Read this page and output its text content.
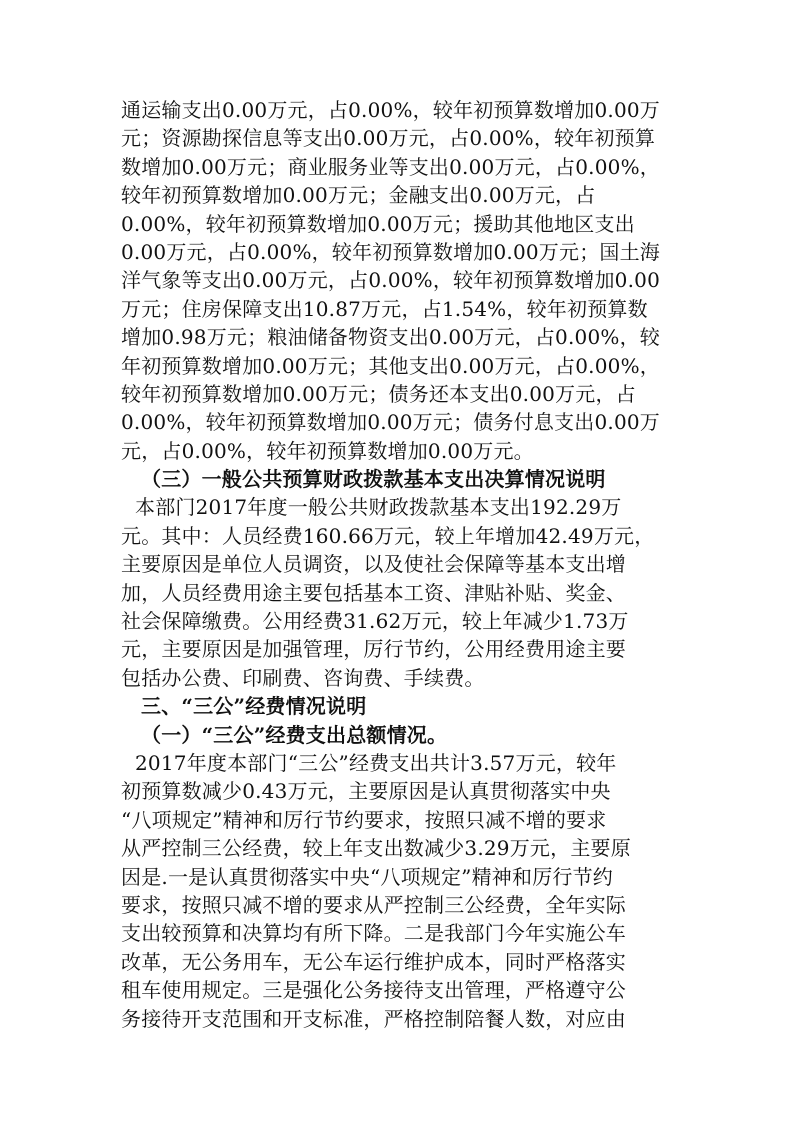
通运输支出0.00万元，占0.00%，较年初预算数增加0.00万
元；资源勘探信息等支出0.00万元，占0.00%，较年初预算
数增加0.00万元；商业服务业等支出0.00万元，占0.00%，
较年初预算数增加0.00万元；金融支出0.00万元，占
0.00%，较年初预算数增加0.00万元；援助其他地区支出
0.00万元，占0.00%，较年初预算数增加0.00万元；国土海
洋气象等支出0.00万元，占0.00%，较年初预算数增加0.00
万元；住房保障支出10.87万元，占1.54%，较年初预算数
增加0.98万元；粮油储备物资支出0.00万元，占0.00%，较
年初预算数增加0.00万元；其他支出0.00万元，占0.00%，
较年初预算数增加0.00万元；债务还本支出0.00万元，占
0.00%，较年初预算数增加0.00万元；债务付息支出0.00万
元，占0.00%，较年初预算数增加0.00万元。
（三）一般公共预算财政拨款基本支出决算情况说明
本部门2017年度一般公共财政拨款基本支出192.29万
元。其中：人员经费160.66万元，较上年增加42.49万元，
主要原因是单位人员调资，以及使社会保障等基本支出增
加，人员经费用途主要包括基本工资、津贴补贴、奖金、
社会保障缴费。公用经费31.62万元，较上年减少1.73万
元，主要原因是加强管理，厉行节约，公用经费用途主要
包括办公费、印刷费、咨询费、手续费。
三、“三公”经费情况说明
（一）“三公”经费支出总额情况。
2017年度本部门“三公”经费支出共计3.57万元，较年
初预算数减少0.43万元，主要原因是认真贯彻落实中央
“八项规定”精神和厉行节约要求，按照只减不增的要求
从严控制三公经费，较上年支出数减少3.29万元，主要原
因是.一是认真贯彻落实中央“八项规定”精神和厉行节约
要求，按照只减不增的要求从严控制三公经费，全年实际
支出较预算和决算均有所下降。二是我部门今年实施公车
改革，无公务用车，无公车运行维护成本，同时严格落实
租车使用规定。三是强化公务接待支出管理，严格遵守公
务接待开支范围和开支标准，严格控制陪餐人数，对应由
